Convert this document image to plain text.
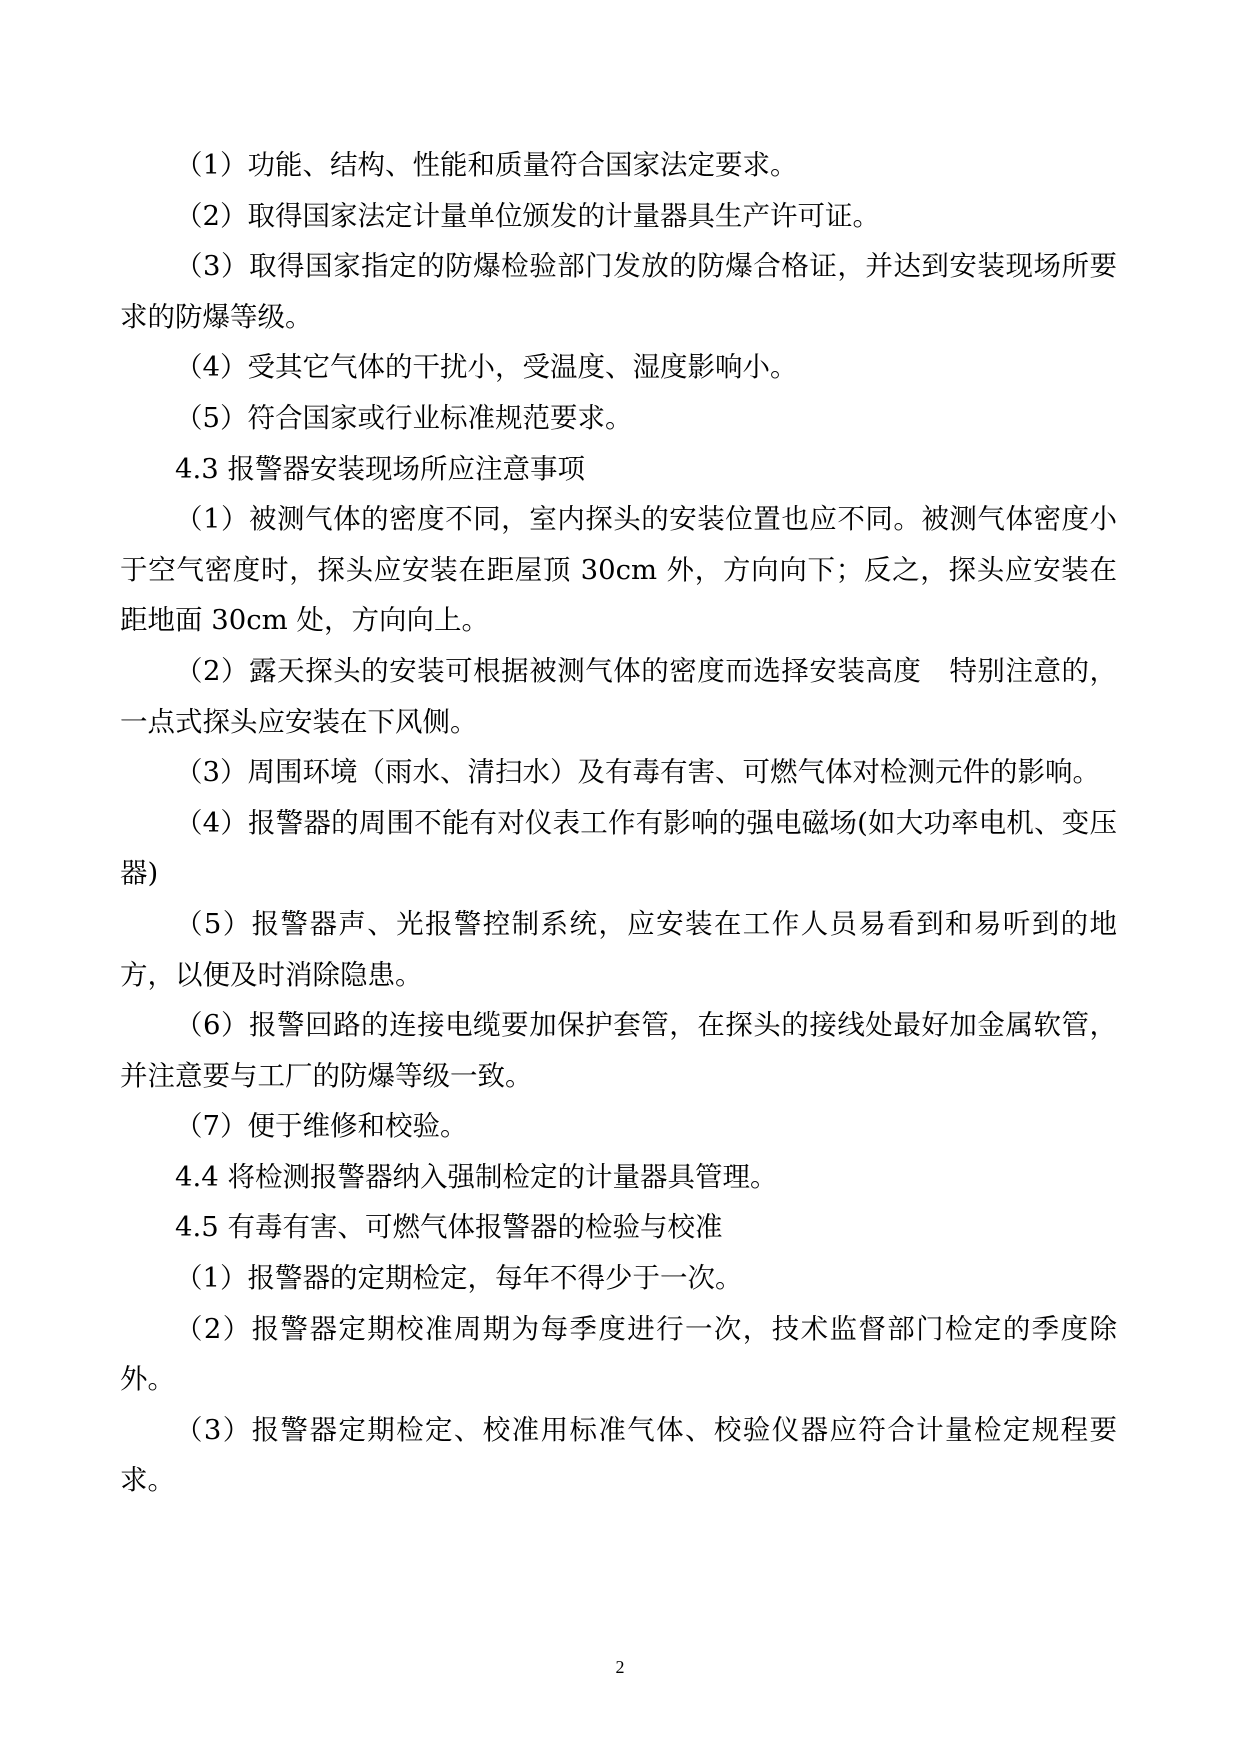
（1）功能、结构、性能和质量符合国家法定要求。

（2）取得国家法定计量单位颁发的计量器具生产许可证。

（3）取得国家指定的防爆检验部门发放的防爆合格证，并达到安装现场所要求的防爆等级。

（4）受其它气体的干扰小，受温度、湿度影响小。

（5）符合国家或行业标准规范要求。

4.3 报警器安装现场所应注意事项

（1）被测气体的密度不同，室内探头的安装位置也应不同。被测气体密度小于空气密度时，探头应安装在距屋顶 30cm 外，方向向下；反之，探头应安装在距地面 30cm 处，方向向上。

（2）露天探头的安装可根据被测气体的密度而选择安装高度　特别注意的，一点式探头应安装在下风侧。

（3）周围环境（雨水、清扫水）及有毒有害、可燃气体对检测元件的影响。

（4）报警器的周围不能有对仪表工作有影响的强电磁场(如大功率电机、变压器)

（5）报警器声、光报警控制系统，应安装在工作人员易看到和易听到的地方，以便及时消除隐患。

（6）报警回路的连接电缆要加保护套管，在探头的接线处最好加金属软管，并注意要与工厂的防爆等级一致。

（7）便于维修和校验。

4.4 将检测报警器纳入强制检定的计量器具管理。

4.5 有毒有害、可燃气体报警器的检验与校准

（1）报警器的定期检定，每年不得少于一次。

（2）报警器定期校准周期为每季度进行一次，技术监督部门检定的季度除外。

（3）报警器定期检定、校准用标准气体、校验仪器应符合计量检定规程要求。

2
